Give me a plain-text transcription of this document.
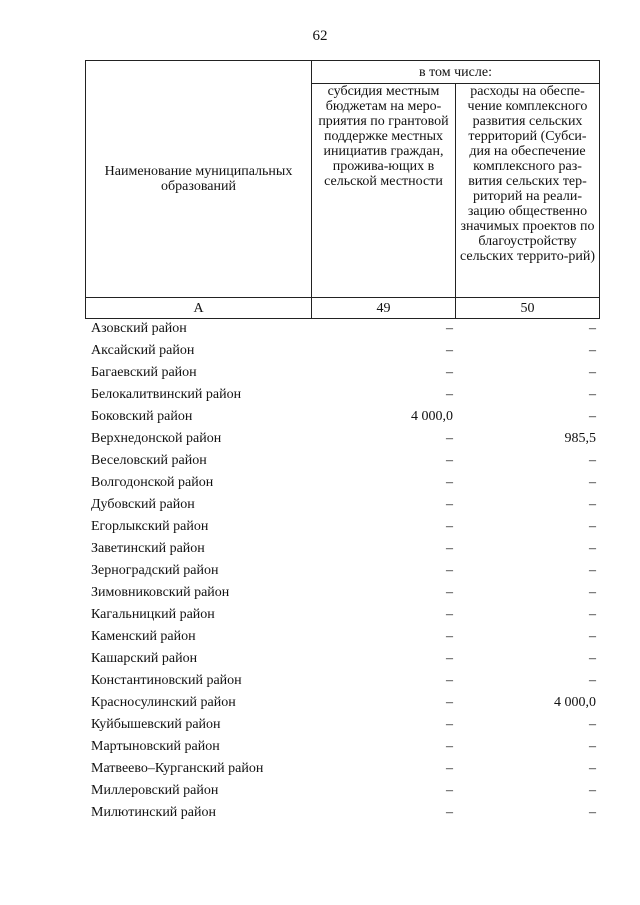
62
Наименование муниципальных образований	в том числе:	
	субсидия местным бюджетам на меро-приятия по грантовой поддержке местных инициатив граждан, прожива-ющих в сельской местности	расходы на обеспе-чение комплексного развития сельских территорий (Субси-дия на обеспечение комплексного раз-вития сельских тер-риторий на реали-зацию общественно значимых проектов по благоустройству сельских террито-рий)
А	49	50
Азовский район	–	–
Аксайский район	–	–
Багаевский район	–	–
Белокалитвинский район	–	–
Боковский район	4 000,0	–
Верхнедонской район	–	985,5
Веселовский район	–	–
Волгодонской район	–	–
Дубовский район	–	–
Егорлыкский район	–	–
Заветинский район	–	–
Зерноградский район	–	–
Зимовниковский район	–	–
Кагальницкий район	–	–
Каменский район	–	–
Кашарский район	–	–
Константиновский район	–	–
Красносулинский район	–	4 000,0
Куйбышевский район	–	–
Мартыновский район	–	–
Матвеево–Курганский район	–	–
Миллеровский район	–	–
Милютинский район	–	–
